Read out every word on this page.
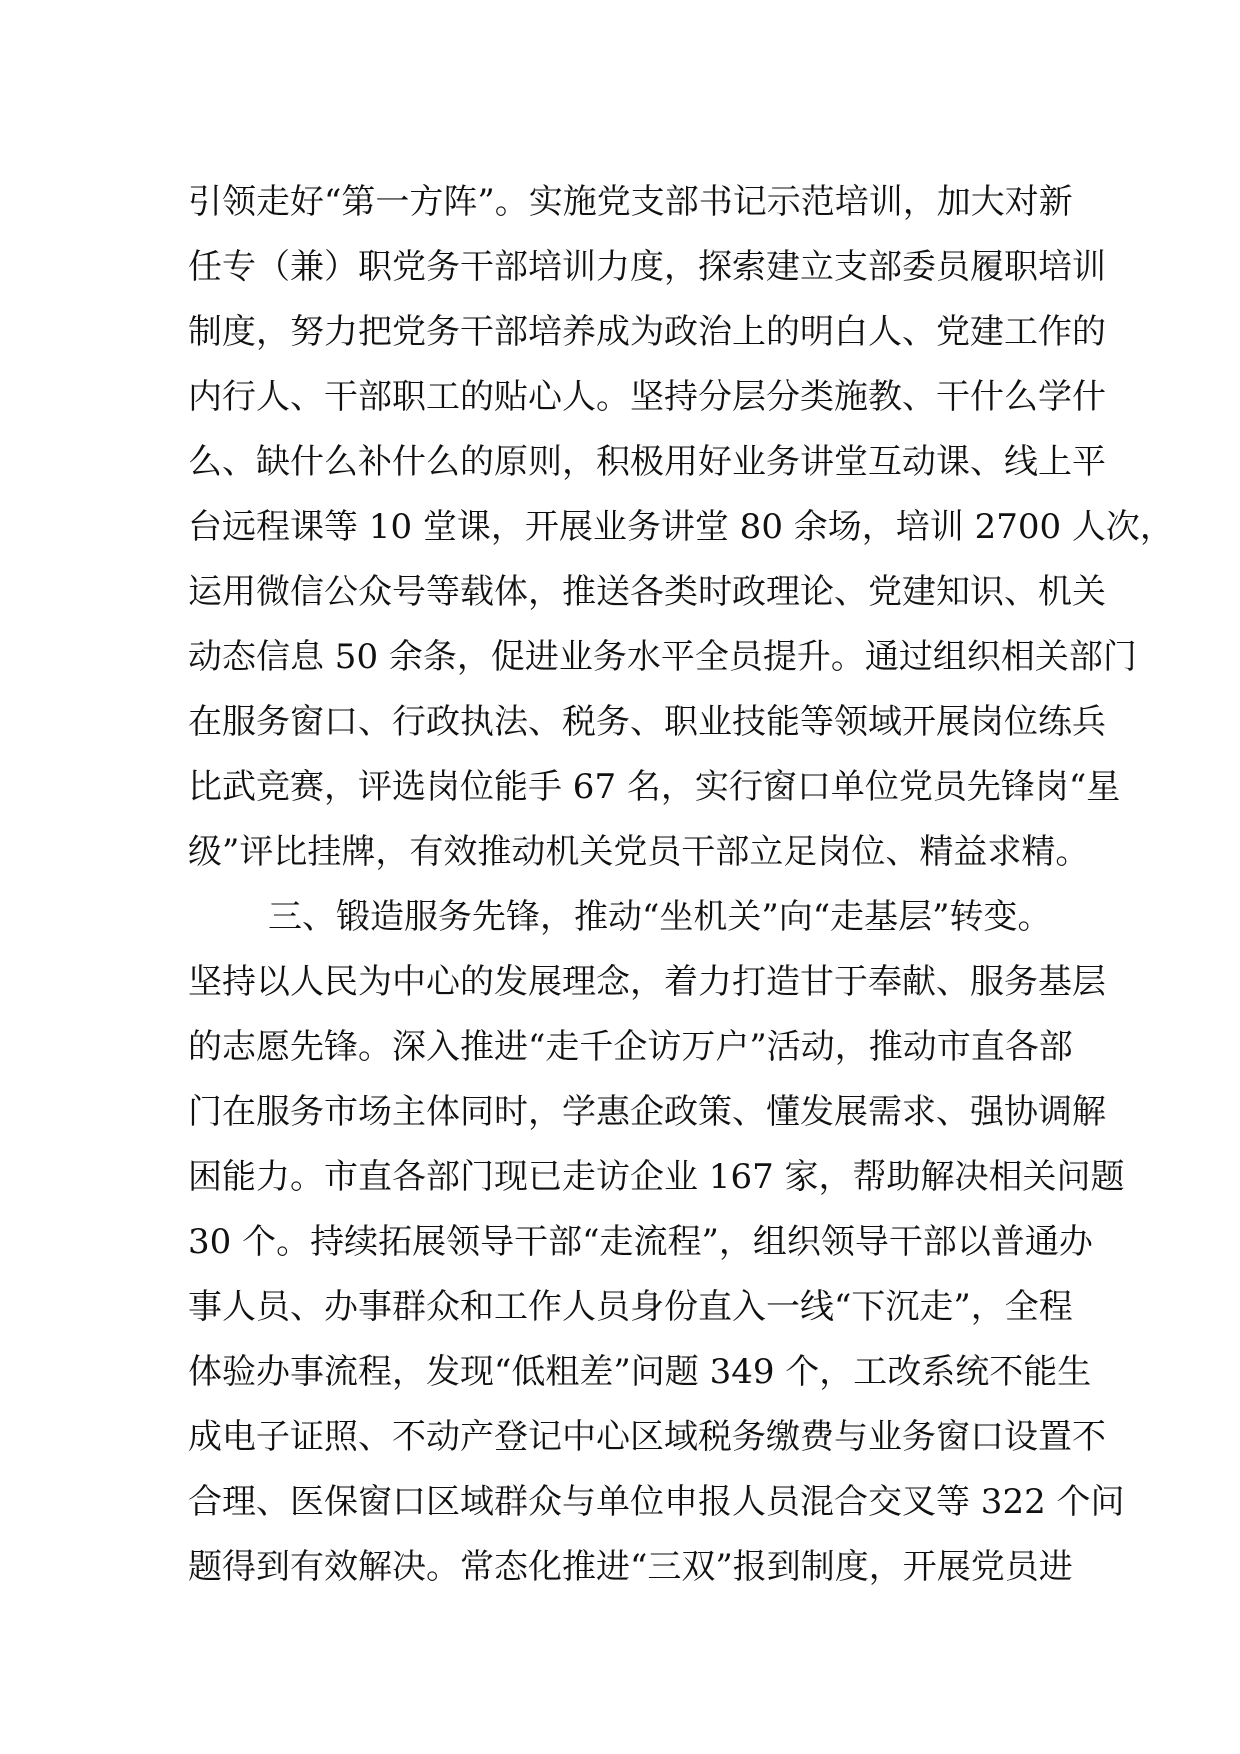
引领走好“第一方阵”。实施党支部书记示范培训，加大对新
任专（兼）职党务干部培训力度，探索建立支部委员履职培训
制度，努力把党务干部培养成为政治上的明白人、党建工作的
内行人、干部职工的贴心人。坚持分层分类施教、干什么学什
么、缺什么补什么的原则，积极用好业务讲堂互动课、线上平
台远程课等 10 堂课，开展业务讲堂 80 余场，培训 2700 人次，
运用微信公众号等载体，推送各类时政理论、党建知识、机关
动态信息 50 余条，促进业务水平全员提升。通过组织相关部门
在服务窗口、行政执法、税务、职业技能等领域开展岗位练兵
比武竞赛，评选岗位能手 67 名，实行窗口单位党员先锋岗“星
级”评比挂牌，有效推动机关党员干部立足岗位、精益求精。
三、锻造服务先锋，推动“坐机关”向“走基层”转变。
坚持以人民为中心的发展理念，着力打造甘于奉献、服务基层
的志愿先锋。深入推进“走千企访万户”活动，推动市直各部
门在服务市场主体同时，学惠企政策、懂发展需求、强协调解
困能力。市直各部门现已走访企业 167 家，帮助解决相关问题
30 个。持续拓展领导干部“走流程”，组织领导干部以普通办
事人员、办事群众和工作人员身份直入一线“下沉走”，全程
体验办事流程，发现“低粗差”问题 349 个，工改系统不能生
成电子证照、不动产登记中心区域税务缴费与业务窗口设置不
合理、医保窗口区域群众与单位申报人员混合交叉等 322 个问
题得到有效解决。常态化推进“三双”报到制度，开展党员进
